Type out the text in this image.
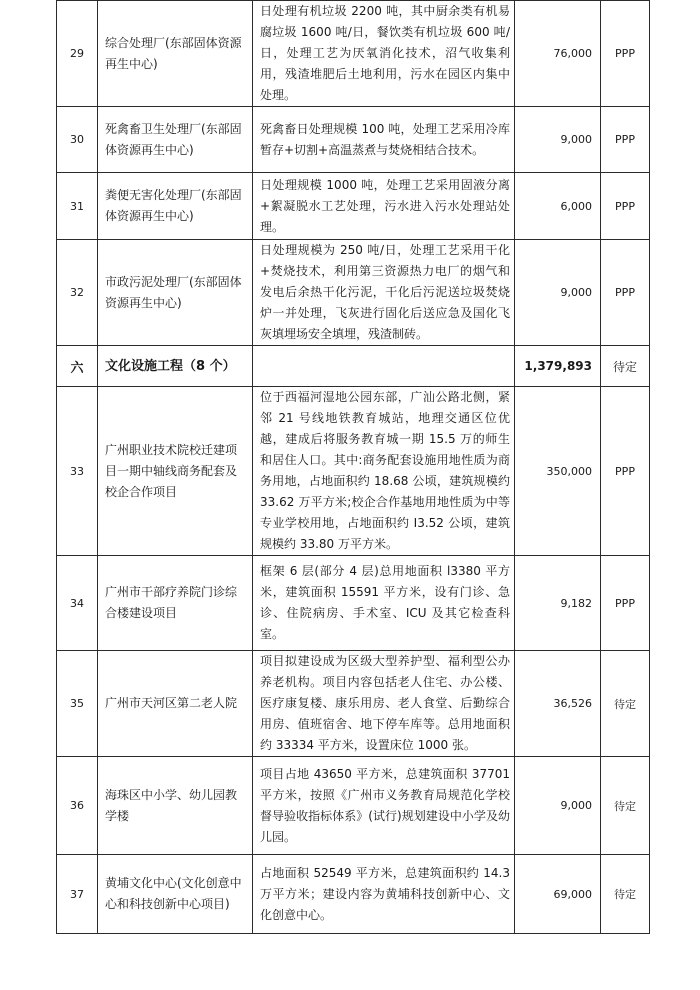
29	综合处理厂(东部固体资源再生中心)	日处理有机垃圾 2200 吨，其中厨余类有机易腐垃圾 1600 吨/日，餐饮类有机垃圾 600 吨/日，处理工艺为厌氧消化技术，沼气收集利用，残渣堆肥后土地利用，污水在园区内集中处理。	76,000	PPP
30	死禽畜卫生处理厂(东部固体资源再生中心)	死禽畜日处理规模 100 吨，处理工艺采用冷库暂存+切割+高温蒸煮与焚烧相结合技术。	9,000	PPP
31	粪便无害化处理厂(东部固体资源再生中心)	日处理规模 1000 吨，处理工艺采用固液分离+絮凝脱水工艺处理，污水进入污水处理站处理。	6,000	PPP
32	市政污泥处理厂(东部固体资源再生中心)	日处理规模为 250 吨/日，处理工艺采用干化+焚烧技术，利用第三资源热力电厂的烟气和发电后余热干化污泥，干化后污泥送垃圾焚烧炉一并处理，飞灰进行固化后送应急及国化飞灰填埋场安全填埋，残渣制砖。	9,000	PPP
六	文化设施工程（8 个）		1,379,893	待定
33	广州职业技术院校迁建项目一期中轴线商务配套及校企合作项目	位于西福河湿地公园东部，广汕公路北侧，紧邻 21 号线地铁教育城站，地理交通区位优越，建成后将服务教育城一期 15.5 万的师生和居住人口。其中:商务配套设施用地性质为商务用地，占地面积约 18.68 公顷，建筑规模约 33.62 万平方米;校企合作基地用地性质为中等专业学校用地，占地面积约 I3.52 公顷，建筑规模约 33.80 万平方米。	350,000	PPP
34	广州市干部疗养院门诊综合楼建设项目	框架 6 层(部分 4 层)总用地面积 l3380 平方米，建筑面积 15591 平方米，设有门诊、急诊、住院病房、手术室、ICU 及其它检查科室。	9,182	PPP
35	广州市天河区第二老人院	项目拟建设成为区级大型养护型、福利型公办养老机构。项目内容包括老人住宅、办公楼、医疗康复楼、康乐用房、老人食堂、后勤综合用房、值班宿舍、地下停车库等。总用地面积约 33334 平方米，设置床位 1000 张。	36,526	待定
36	海珠区中小学、幼儿园教学楼	项目占地 43650 平方米，总建筑面积 37701 平方米，按照《广州市义务教育局规范化学校督导验收指标体系》(试行)规划建设中小学及幼儿园。	9,000	待定
37	黄埔文化中心(文化创意中心和科技创新中心项目)	占地面积 52549 平方米，总建筑面积约 14.3 万平方米；建设内容为黄埔科技创新中心、文化创意中心。	69,000	待定
